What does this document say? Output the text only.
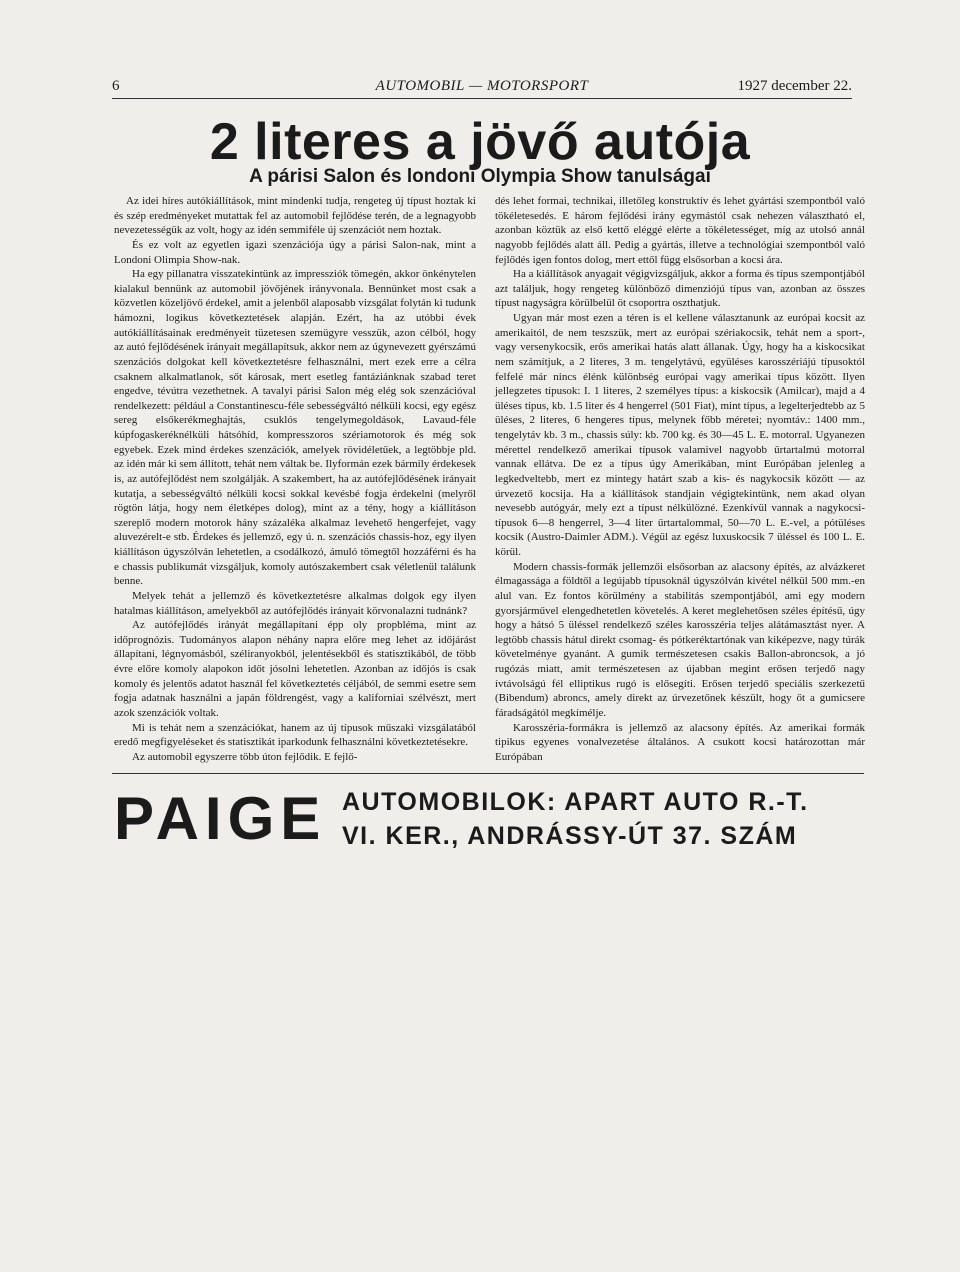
6	AUTOMOBIL — MOTORSPORT	1927 december 22.
2 literes a jövő autója
A párisi Salon és londoni Olympia Show tanulságai

Az idei híres autókiállítások, mint mindenki tudja, rengeteg új típust hoztak ki és szép eredményeket mutattak fel az automobil fejlődése terén, de a legnagyobb nevezetességük az volt, hogy az idén semmiféle új szenzációt nem hoztak.

És ez volt az egyetlen igazi szenzációja úgy a párisi Salon-nak, mint a Londoni Olimpia Show-nak.

Ha egy pillanatra visszatekintünk az impressziók tömegén, akkor önkénytelen kialakul bennünk az automobil jövőjének irányvonala. Bennünket most csak a közvetlen közeljövő érdekel, amit a jelenből alaposabb vizsgálat folytán ki tudunk hámozni, logikus következtetések alapján. Ezért, ha az utóbbi évek autókiállításainak eredményeit tüzetesen szemügyre vesszük, azon célból, hogy az autó fejlődésének irányait megállapítsuk, akkor nem az úgynevezett gyérszámú szenzációs dolgokat kell következtetésre felhasználni, mert ezek erre a célra csaknem alkalmatlanok, sőt károsak, mert esetleg fantáziánknak szabad teret engedve, tévútra vezethetnek. A tavalyi párisi Salon még elég sok szenzációval rendelkezett: például a Constantinescu-féle sebességváltó nélküli kocsi, egy egész sereg elsőkerékmeghajtás, csuklós tengelymegoldások, Lavaud-féle kúpfogaskeréknélküli hátsóhíd, kompresszoros szériamotorok és még sok egyebek. Ezek mind érdekes szenzációk, amelyek rövidéletűek, a legtöbbje pld. az idén már ki sem állított, tehát nem váltak be. Ilyformán ezek bármily érdekesek is, az autófejlődést nem szolgálják. A szakembert, ha az autófejlődésének irányait kutatja, a sebességváltó nélküli kocsi sokkal kevésbé fogja érdekelni (melyről rögtön látja, hogy nem életképes dolog), mint az a tény, hogy a kiállításon szereplő modern motorok hány százaléka alkalmaz levehető hengerfejet, vagy aluvezérelt-e stb. Érdekes és jellemző, egy ú. n. szenzációs chassis-hoz, egy ilyen kiállításon úgyszólván lehetetlen, a csodálkozó, ámuló tömegtől hozzáférni és ha e chassis publikumát vizsgáljuk, komoly autószakembert csak véletlenül találunk benne.

Melyek tehát a jellemző és következtetésre alkalmas dolgok egy ilyen hatalmas kiállításon, amelyekből az autófejlődés irányait körvonalazni tudnánk?

Az autófejlődés irányát megállapítani épp oly propbléma, mint az időprognózis. Tudományos alapon néhány napra előre meg lehet az időjárást állapítani, légnyomásból, széliranyokból, jelentésekből és statisztikából, de több évre előre komoly alapokon időt jósolni lehetetlen. Azonban az időjós is csak komoly és jelentős adatot használ fel következtetés céljából, de semmi esetre sem fogja adatnak használni a japán földrengést, vagy a kaliforniai szélvészt, mert azok szenzációk voltak.

Mi is tehát nem a szenzációkat, hanem az új típusok műszaki vizsgálatából eredő megfigyeléseket és statisztikát iparkodunk felhasználni következtetésekre.

Az automobil egyszerre több úton fejlődik. E fejlő-

dés lehet formai, technikai, illetőleg konstruktív és lehet gyártási szempontból való tökéletesedés. E három fejlődési irány egymástól csak nehezen választható el, azonban köztük az első kettő eléggé elérte a tökéletességet, míg az utolsó annál nagyobb fejlődés alatt áll. Pedig a gyártás, illetve a technológiai szempontból való fejlődés igen fontos dolog, mert ettől függ elsősorban a kocsi ára.

Ha a kiállítások anyagait végigvizsgáljuk, akkor a forma és típus szempontjából azt találjuk, hogy rengeteg különböző dimenziójú típus van, azonban az összes típust nagyságra körülbelül öt csoportra oszthatjuk.

Ugyan már most ezen a téren is el kellene választanunk az európai kocsit az amerikaitól, de nem teszszük, mert az európai szériakocsik, tehát nem a sport-, vagy versenykocsik, erős amerikai hatás alatt állanak. Úgy, hogy ha a kiskocsikat nem számítjuk, a 2 literes, 3 m. tengelytávú, együléses karosszériájú típusoktól felfelé már nincs élénk különbség európai vagy amerikai típus között. Ilyen jellegzetes típusok: I. 1 literes, 2 személyes típus: a kiskocsik (Amilcar), majd a 4 üléses típus, kb. 1.5 liter és 4 hengerrel (501 Fiat), mint típus, a legelterjedtebb az 5 üléses, 2 literes, 6 hengeres típus, melynek főbb méretei; nyomtáv.: 1400 mm., tengelytáv kb. 3 m., chassis súly: kb. 700 kg. és 30—45 L. E. motorral. Ugyanezen mérettel rendelkező amerikai típusok valamivel nagyobb űrtartalmú motorral vannak ellátva. De ez a típus úgy Amerikában, mint Európában jelenleg a legkedveltebb, mert ez mintegy határt szab a kis- és nagykocsik között — az úrvezető kocsija. Ha a kiállítások standjain végigtekintünk, nem akad olyan nevesebb autógyár, mely ezt a típust nélkülözné. Ezenkívül vannak a nagykocsi-típusok 6—8 hengerrel, 3—4 liter űrtartalommal, 50—70 L. E.-vel, a pótüléses kocsik (Austro-Daimler ADM.). Végül az egész luxuskocsik 7 üléssel és 100 L. E. körül.

Modern chassis-formák jellemzői elsősorban az alacsony építés, az alvázkeret élmagassága a földtől a legújabb típusoknál úgyszólván kivétel nélkül 500 mm.-en alul van. Ez fontos körülmény a stabilitás szempontjából, ami egy modern gyorsjárművel elengedhetetlen követelés. A keret meglehetősen széles építésű, úgy hogy a hátsó 5 üléssel rendelkező széles karosszéria teljes alátámasztást nyer. A legtöbb chassis hátul direkt csomag- és pótkeréktartónak van kiképezve, nagy túrák követelménye gyanánt. A gumik természetesen csakis Ballon-abroncsok, a jó rugózás miatt, amit természetesen az újabban megint erősen terjedő nagy ívtávolságú fél elliptikus rugó is elősegíti. Erősen terjedő speciális szerkezetű (Bibendum) abroncs, amely direkt az úrvezetőnek készült, hogy őt a gumicsere fáradságától megkímélje.

Karosszéria-formákra is jellemző az alacsony építés. Az amerikai formák tipikus egyenes vonalvezetése általános. A csukott kocsi határozottan már Európában

PAIGE AUTOMOBILOK: APART AUTO R.-T.
VI. KER., ANDRÁSSY-ÚT 37. SZÁM
